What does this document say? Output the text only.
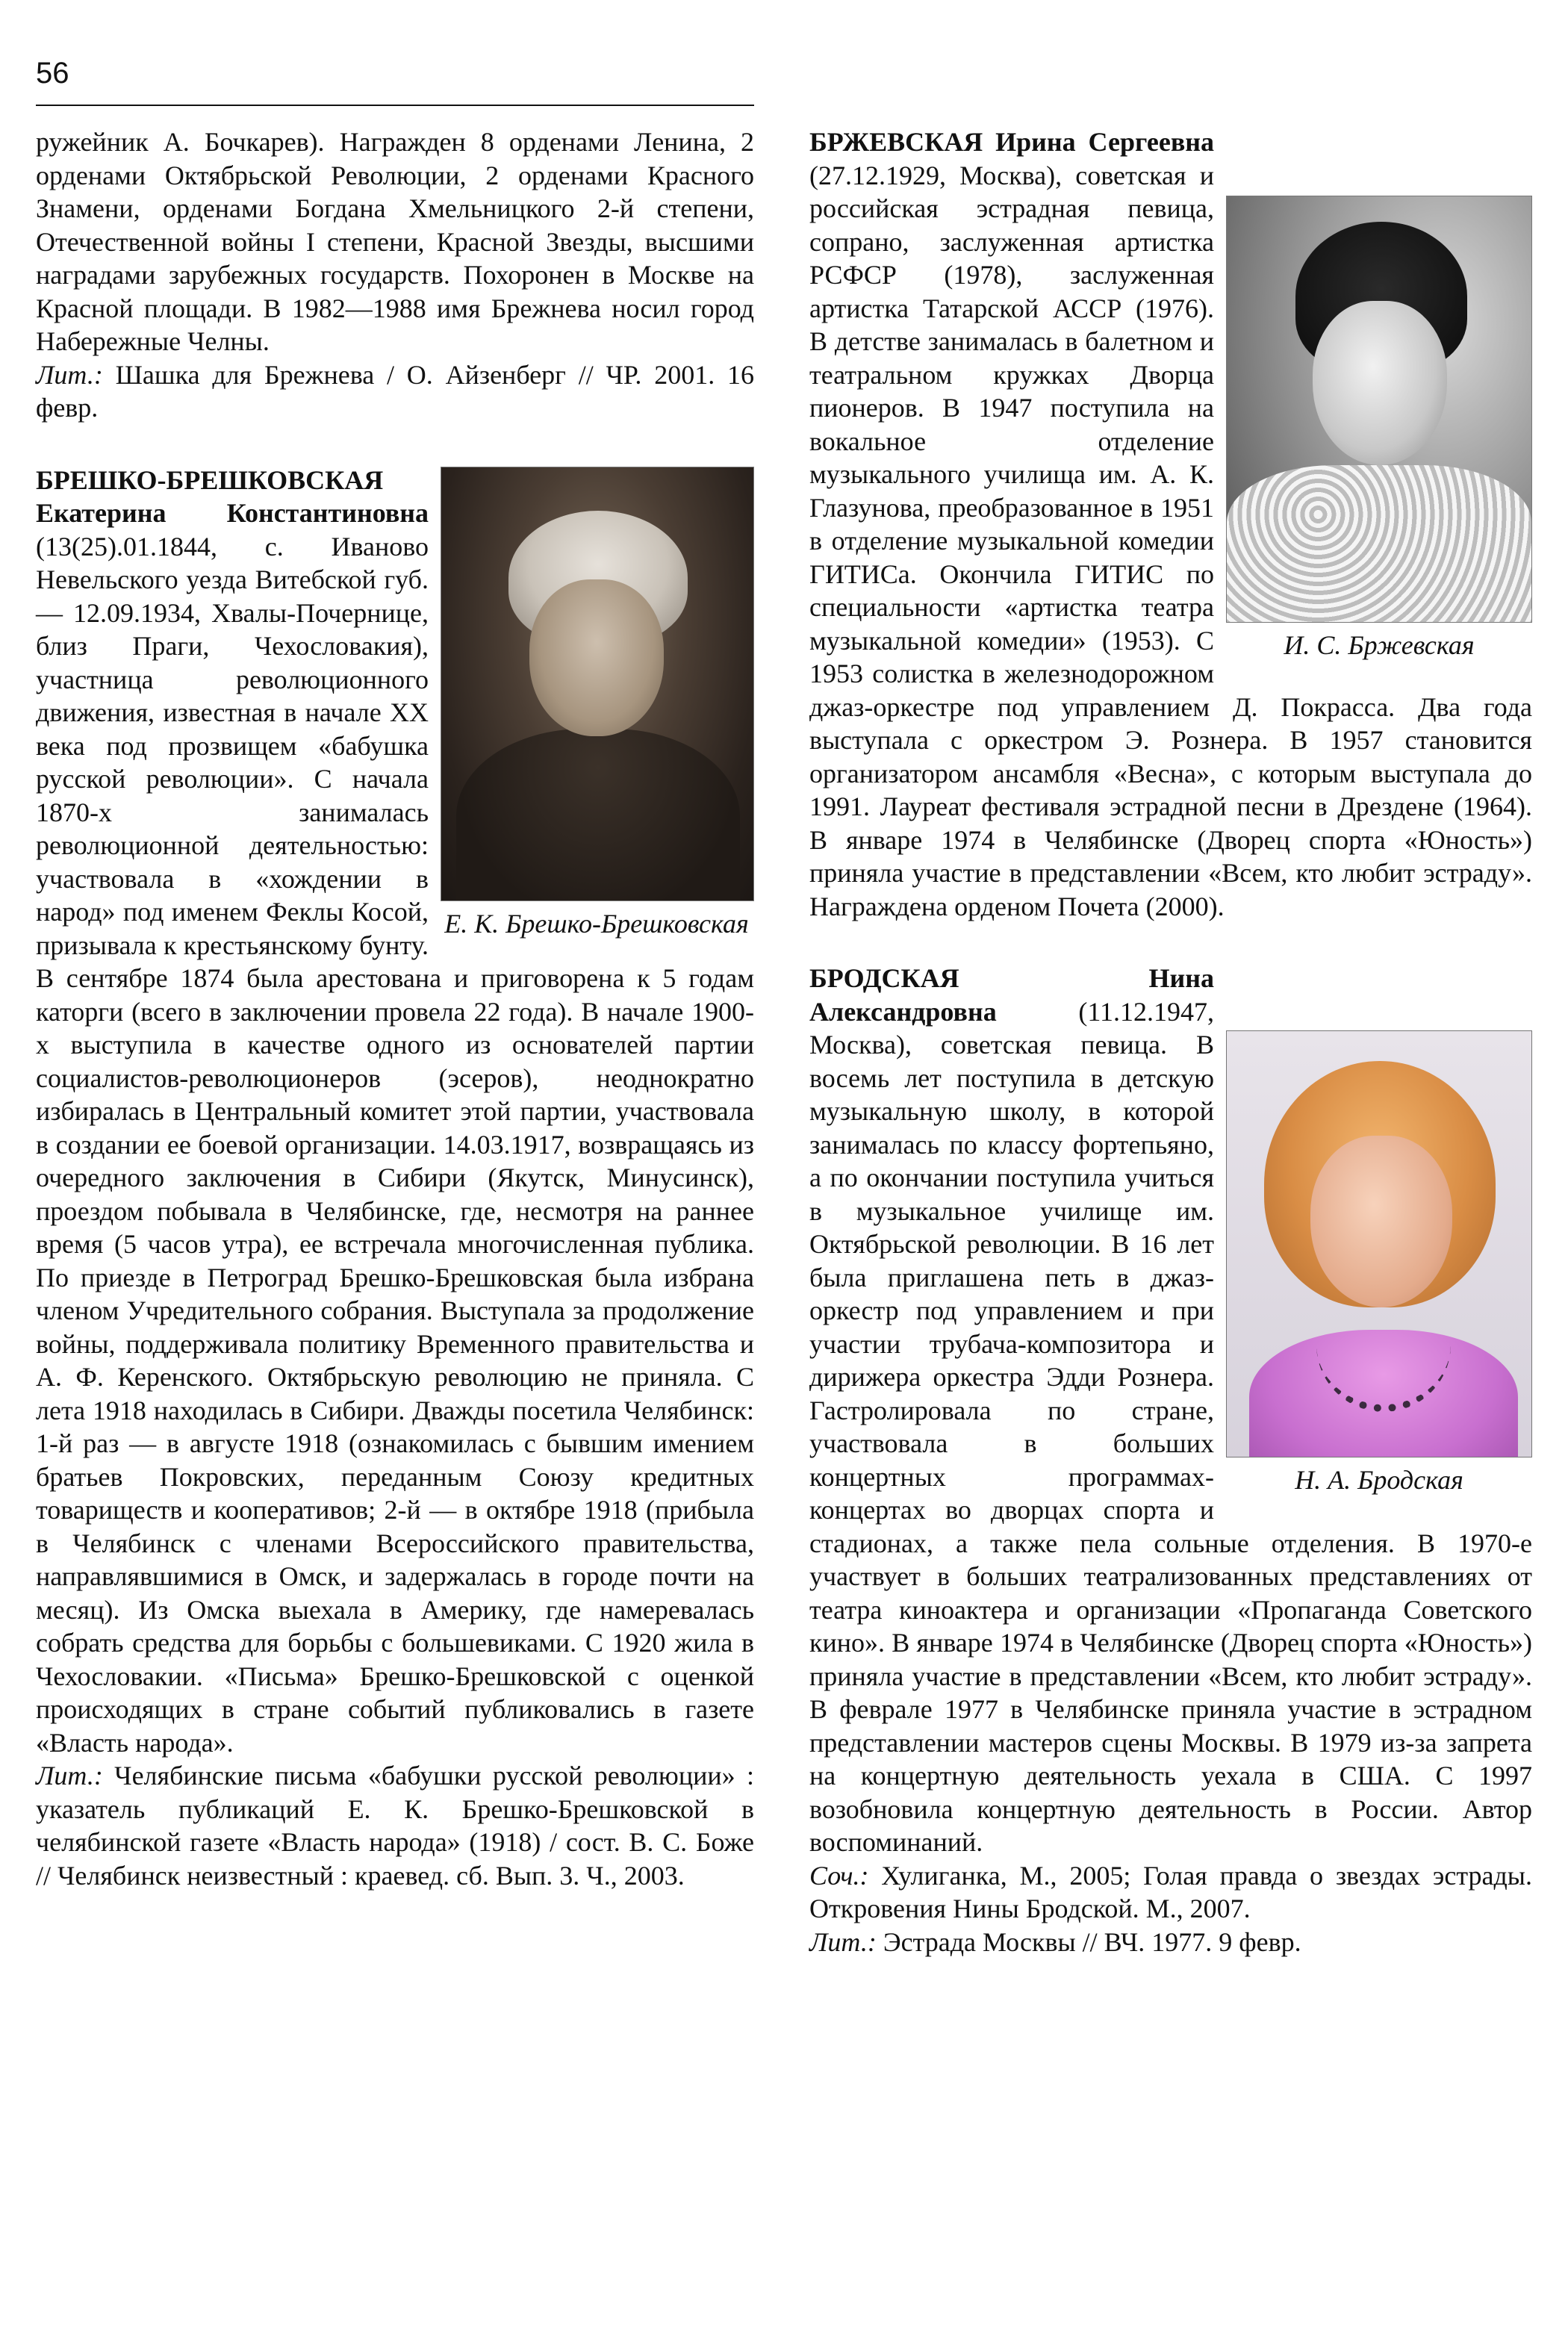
56

ружейник А. Бочкарев). Награжден 8 орденами Ленина, 2 орденами Октябрьской Революции, 2 орденами Красного Знамени, орденами Богдана Хмельницкого 2-й степени, Отечественной войны I степени, Красной Звезды, высшими наградами зарубежных государств. Похоронен в Москве на Красной площади. В 1982—1988 имя Брежнева носил город Набережные Челны.

Лит.: Шашка для Брежнева / О. Айзенберг // ЧР. 2001. 16 февр.

Е. К. Брешко-Брешковская
БРЕШКО-БРЕШКОВСКАЯ Екатерина Константиновна (13(25).01.1844, с. Иваново Невельского уезда Витебской губ. — 12.09.1934, Хвалы-Почернице, близ Праги, Чехословакия), участница революционного движения, известная в начале XX века под прозвищем «бабушка русской революции». С начала 1870-х занималась революционной деятельностью: участвовала в «хождении в народ» под именем Феклы Косой, призывала к крестьянскому бунту. В сентябре 1874 была арестована и приговорена к 5 годам каторги (всего в заключении провела 22 года). В начале 1900-х выступила в качестве одного из основателей партии социалистов-революционеров (эсеров), неоднократно избиралась в Центральный комитет этой партии, участвовала в создании ее боевой организации. 14.03.1917, возвращаясь из очередного заключения в Сибири (Якутск, Минусинск), проездом побывала в Челябинске, где, несмотря на раннее время (5 часов утра), ее встречала многочисленная публика. По приезде в Петроград Брешко-Брешковская была избрана членом Учредительного собрания. Выступала за продолжение войны, поддерживала политику Временного правительства и А. Ф. Керенского. Октябрьскую революцию не приняла. С лета 1918 находилась в Сибири. Дважды посетила Челябинск: 1-й раз — в августе 1918 (ознакомилась с бывшим имением братьев Покровских, переданным Союзу кредитных товариществ и кооперативов; 2-й — в октябре 1918 (прибыла в Челябинск с членами Всероссийского правительства, направлявшимися в Омск, и задержалась в городе почти на месяц). Из Омска выехала в Америку, где намеревалась собрать средства для борьбы с большевиками. С 1920 жила в Чехословакии. «Письма» Брешко-Брешковской с оценкой происходящих в стране событий публиковались в газете «Власть народа».

Лит.: Челябинские письма «бабушки русской революции» : указатель публикаций Е. К. Брешко-Брешковской в челябинской газете «Власть народа» (1918) / сост. В. С. Боже // Челябинск неизвестный : краевед. сб. Вып. 3. Ч., 2003.

И. С. Бржевская

БРЖЕВСКАЯ Ирина Сергеевна (27.12.1929, Москва), советская и российская эстрадная певица, сопрано, заслуженная артистка РСФСР (1978), заслуженная артистка Татарской АССР (1976). В детстве занималась в балетном и театральном кружках Дворца пионеров. В 1947 поступила на вокальное отделение музыкального училища им. А. К. Глазунова, преобразованное в 1951 в отделение музыкальной комедии ГИТИСа. Окончила ГИТИС по специальности «артистка театра музыкальной комедии» (1953). С 1953 солистка в железнодорожном джаз-оркестре под управлением Д. Покрасса. Два года выступала с оркестром Э. Рознера. В 1957 становится организатором ансамбля «Весна», с которым выступала до 1991. Лауреат фестиваля эстрадной песни в Дрездене (1964). В январе 1974 в Челябинске (Дворец спорта «Юность») приняла участие в представлении «Всем, кто любит эстраду». Награждена орденом Почета (2000).

Н. А. Бродская

БРОДСКАЯ Нина Александровна (11.12.1947, Москва), советская певица. В восемь лет поступила в детскую музыкальную школу, в которой занималась по классу фортепьяно, а по окончании поступила учиться в музыкальное училище им. Октябрьской революции. В 16 лет была приглашена петь в джаз-оркестр под управлением и при участии трубача-композитора и дирижера оркестра Эдди Рознера. Гастролировала по стране, участвовала в больших концертных программах-концертах во дворцах спорта и стадионах, а также пела сольные отделения. В 1970-е участвует в больших театрализованных представлениях от театра киноактера и организации «Пропаганда Советского кино». В январе 1974 в Челябинске (Дворец спорта «Юность») приняла участие в представлении «Всем, кто любит эстраду». В феврале 1977 в Челябинске приняла участие в эстрадном представлении мастеров сцены Москвы. В 1979 из-за запрета на концертную деятельность уехала в США. С 1997 возобновила концертную деятельность в России. Автор воспоминаний.

Соч.: Хулиганка, М., 2005; Голая правда о звездах эстрады. Откровения Нины Бродской. М., 2007.

Лит.: Эстрада Москвы // ВЧ. 1977. 9 февр.
